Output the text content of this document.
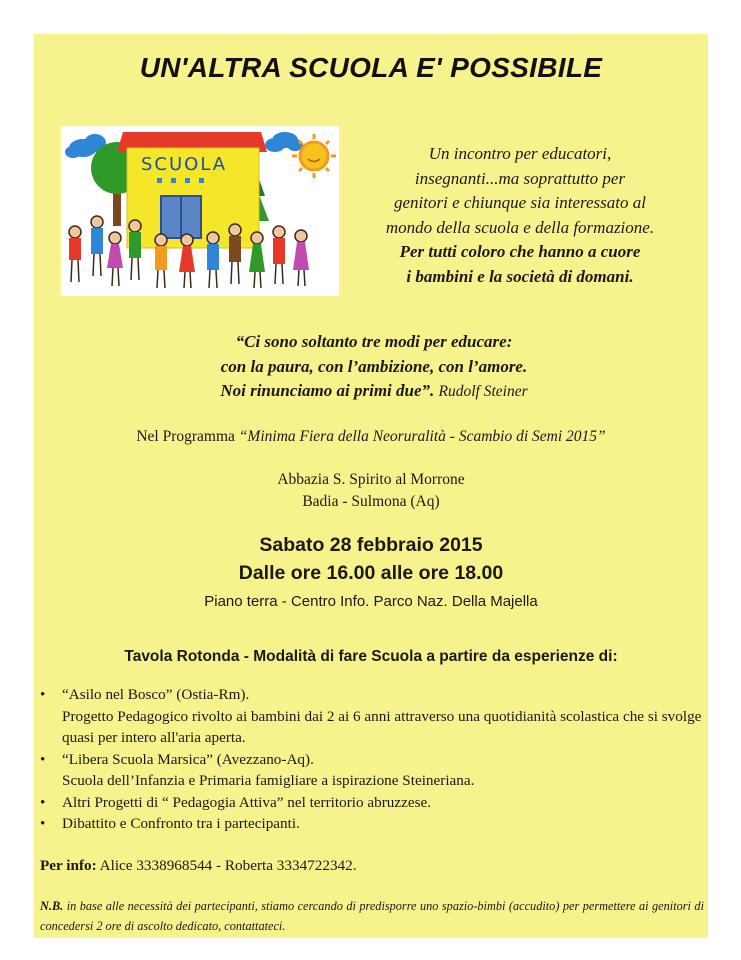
UN'ALTRA SCUOLA E' POSSIBILE
SCUOLA
Un incontro per educatori,
insegnanti...ma soprattutto per
genitori e chiunque sia interessato al
mondo della scuola e della formazione.
Per tutti coloro che hanno a cuore
i bambini e la società di domani.
“Ci sono soltanto tre modi per educare:
con la paura, con l’ambizione, con l’amore.
Noi rinunciamo ai primi due”. Rudolf Steiner
Nel Programma “Minima Fiera della Neoruralità - Scambio di Semi 2015”
Abbazia S. Spirito al Morrone
Badia - Sulmona (Aq)
Sabato 28 febbraio 2015
Dalle ore 16.00 alle ore 18.00
Piano terra - Centro Info. Parco Naz. Della Majella
Tavola Rotonda - Modalità di fare Scuola a partire da esperienze di:
• “Asilo nel Bosco” (Ostia-Rm).
Progetto Pedagogico rivolto ai bambini dai 2 ai 6 anni attraverso una quotidianità scolastica che si svolge quasi per intero all'aria aperta.
• “Libera Scuola Marsica” (Avezzano-Aq).
Scuola dell’Infanzia e Primaria famigliare a ispirazione Steineriana.
• Altri Progetti di “ Pedagogia Attiva” nel territorio abruzzese.
• Dibattito e Confronto tra i partecipanti.
Per info: Alice 3338968544 - Roberta 3334722342.
N.B. in base alle necessità dei partecipanti, stiamo cercando di predisporre uno spazio-bimbi (accudito) per permettere ai genitori di concedersi 2 ore di ascolto dedicato, contattateci.
